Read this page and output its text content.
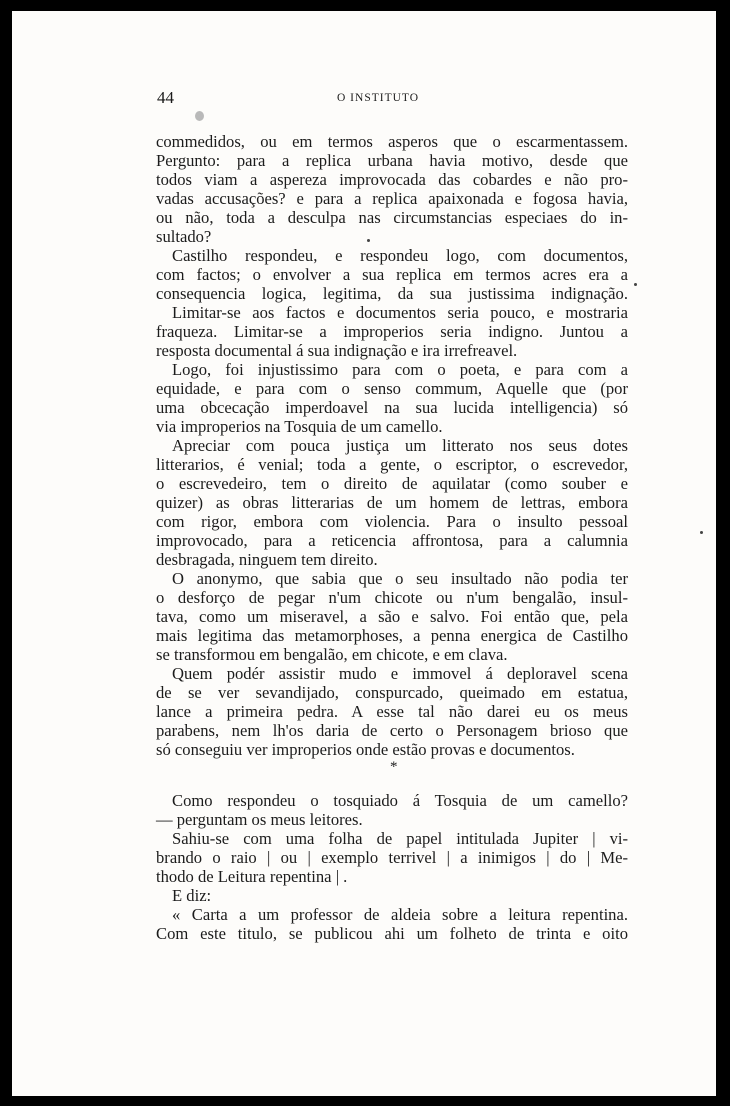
44	O INSTITUTO
commedidos, ou em termos asperos que o escarmentassem.
Pergunto: para a replica urbana havia motivo, desde que
todos viam a aspereza improvocada das cobardes e não pro-
vadas accusações? e para a replica apaixonada e fogosa havia,
ou não, toda a desculpa nas circumstancias especiaes do in-
sultado?
Castilho respondeu, e respondeu logo, com documentos,
com factos; o envolver a sua replica em termos acres era a
consequencia logica, legitima, da sua justissima indignação.
Limitar-se aos factos e documentos seria pouco, e mostraria
fraqueza. Limitar-se a improperios seria indigno. Juntou a
resposta documental á sua indignação e ira irrefreavel.
Logo, foi injustissimo para com o poeta, e para com a
equidade, e para com o senso commum, Aquelle que (por
uma obcecação imperdoavel na sua lucida intelligencia) só
via improperios na Tosquia de um camello.
Apreciar com pouca justiça um litterato nos seus dotes
litterarios, é venial; toda a gente, o escriptor, o escrevedor,
o escrevedeiro, tem o direito de aquilatar (como souber e
quizer) as obras litterarias de um homem de lettras, embora
com rigor, embora com violencia. Para o insulto pessoal
improvocado, para a reticencia affrontosa, para a calumnia
desbragada, ninguem tem direito.
O anonymo, que sabia que o seu insultado não podia ter
o desforço de pegar n'um chicote ou n'um bengalão, insul-
tava, como um miseravel, a são e salvo. Foi então que, pela
mais legitima das metamorphoses, a penna energica de Castilho
se transformou em bengalão, em chicote, e em clava.
Quem podér assistir mudo e immovel á deploravel scena
de se ver sevandijado, conspurcado, queimado em estatua,
lance a primeira pedra. A esse tal não darei eu os meus
parabens, nem lh'os daria de certo o Personagem brioso que
só conseguiu ver improperios onde estão provas e documentos.
*
Como respondeu o tosquiado á Tosquia de um camello?
— perguntam os meus leitores.
Sahiu-se com uma folha de papel intitulada Jupiter | vi-
brando o raio | ou | exemplo terrivel | a inimigos | do | Me-
thodo de Leitura repentina | .
E diz:
« Carta a um professor de aldeia sobre a leitura repentina.
Com este titulo, se publicou ahi um folheto de trinta e oito
